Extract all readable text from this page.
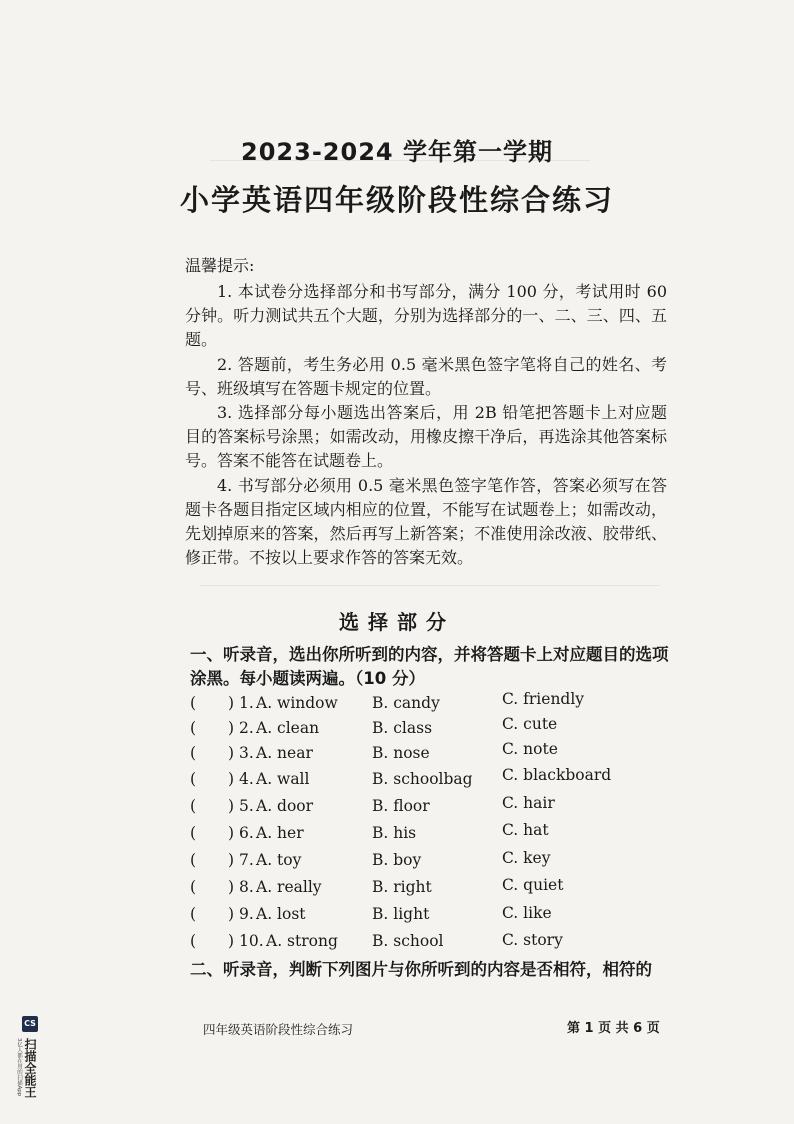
2023-2024 学年第一学期
小学英语四年级阶段性综合练习
温馨提示:

1. 本试卷分选择部分和书写部分，满分 100 分，考试用时 60 分钟。听力测试共五个大题，分别为选择部分的一、二、三、四、五题。

2. 答题前，考生务必用 0.5 毫米黑色签字笔将自己的姓名、考号、班级填写在答题卡规定的位置。

3. 选择部分每小题选出答案后，用 2B 铅笔把答题卡上对应题目的答案标号涂黑；如需改动，用橡皮擦干净后，再选涂其他答案标号。答案不能答在试题卷上。

4. 书写部分必须用 0.5 毫米黑色签字笔作答，答案必须写在答题卡各题目指定区域内相应的位置，不能写在试题卷上；如需改动，先划掉原来的答案，然后再写上新答案；不准使用涂改液、胶带纸、修正带。不按以上要求作答的答案无效。

选择部分
一、听录音，选出你所听到的内容，并将答题卡上对应题目的选项涂黑。每小题读两遍。（10 分）
( ) 1. A. window B. candy	C. friendly
( ) 2. A. clean	B. class	C. cute
( ) 3. A. near	B. nose	C. note
( ) 4. A. wall	B. schoolbag C. blackboard
( ) 5. A. door	B. floor	C. hair
( ) 6. A. her	B. his	C. hat
( ) 7. A. toy	B. boy	C. key
( ) 8. A. really	B. right	C. quiet
( ) 9. A. lost	B. light	C. like
( ) 10. A. strong B. school	C. story
二、听录音，判断下列图片与你所听到的内容是否相符，相符的
四年级英语阶段性综合练习	第 1 页 共 6 页
CS
扫描全能王
3亿人都在用的扫描App
